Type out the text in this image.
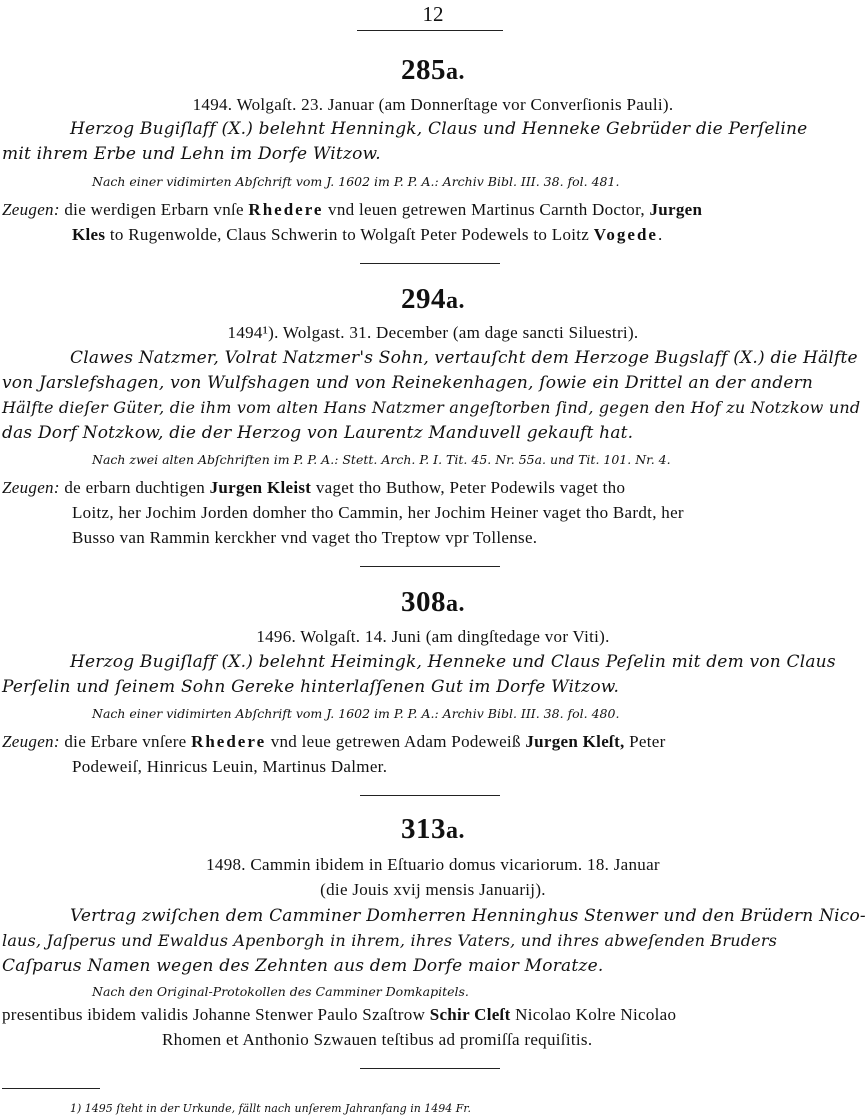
12
285a.
1494. Wolgaſt. 23. Januar (am Donnerſtage vor Converſionis Pauli).
Herzog Bugiſlaff (X.) belehnt Henningk, Claus und Henneke Gebrüder die Perſeline
mit ihrem Erbe und Lehn im Dorfe Witzow.
Nach einer vidimirten Abſchrift vom J. 1602 im P. P. A.: Archiv Bibl. III. 38. fol. 481.
Zeugen: die werdigen Erbarn vnſe Rhedere vnd leuen getrewen Martinus Carnth Doctor, Jurgen
Kles to Rugenwolde, Claus Schwerin to Wolgaſt Peter Podewels to Loitz Vogede.
294a.
1494¹). Wolgast. 31. December (am dage sancti Siluestri).
Clawes Natzmer, Volrat Natzmer's Sohn, vertauſcht dem Herzoge Bugslaff (X.) die Hälfte
von Jarslefshagen, von Wulfshagen und von Reinekenhagen, ſowie ein Drittel an der andern
Hälfte dieſer Güter, die ihm vom alten Hans Natzmer angeſtorben ſind, gegen den Hof zu Notzkow und
das Dorf Notzkow, die der Herzog von Laurentz Manduvell gekauft hat.
Nach zwei alten Abſchriften im P. P. A.: Stett. Arch. P. I. Tit. 45. Nr. 55a. und Tit. 101. Nr. 4.
Zeugen: de erbarn duchtigen Jurgen Kleist vaget tho Buthow, Peter Podewils vaget tho
Loitz, her Jochim Jorden domher tho Cammin, her Jochim Heiner vaget tho Bardt, her
Busso van Rammin kerckher vnd vaget tho Treptow vpr Tollense.
308a.
1496. Wolgaſt. 14. Juni (am dingſtedage vor Viti).
Herzog Bugiſlaff (X.) belehnt Heimingk, Henneke und Claus Peſelin mit dem von Claus
Perſelin und ſeinem Sohn Gereke hinterlaſſenen Gut im Dorfe Witzow.
Nach einer vidimirten Abſchrift vom J. 1602 im P. P. A.: Archiv Bibl. III. 38. fol. 480.
Zeugen: die Erbare vnſere Rhedere vnd leue getrewen Adam Podeweiß Jurgen Kleſt, Peter
Podeweiſ, Hinricus Leuin, Martinus Dalmer.
313a.
1498. Cammin ibidem in Eſtuario domus vicariorum. 18. Januar
(die Jouis xvij mensis Januarij).
Vertrag zwiſchen dem Camminer Domherren Henninghus Stenwer und den Brüdern Nico-
laus, Jaſperus und Ewaldus Apenborgh in ihrem, ihres Vaters, und ihres abweſenden Bruders
Caſparus Namen wegen des Zehnten aus dem Dorfe maior Moratze.
Nach den Original-Protokollen des Camminer Domkapitels.
presentibus ibidem validis Johanne Stenwer Paulo Szaſtrow Schir Cleſt Nicolao Kolre Nicolao
Rhomen et Anthonio Szwauen teſtibus ad promiſſa requiſitis.
1) 1495 ſteht in der Urkunde, fällt nach unſerem Jahranfang in 1494 Fr.
